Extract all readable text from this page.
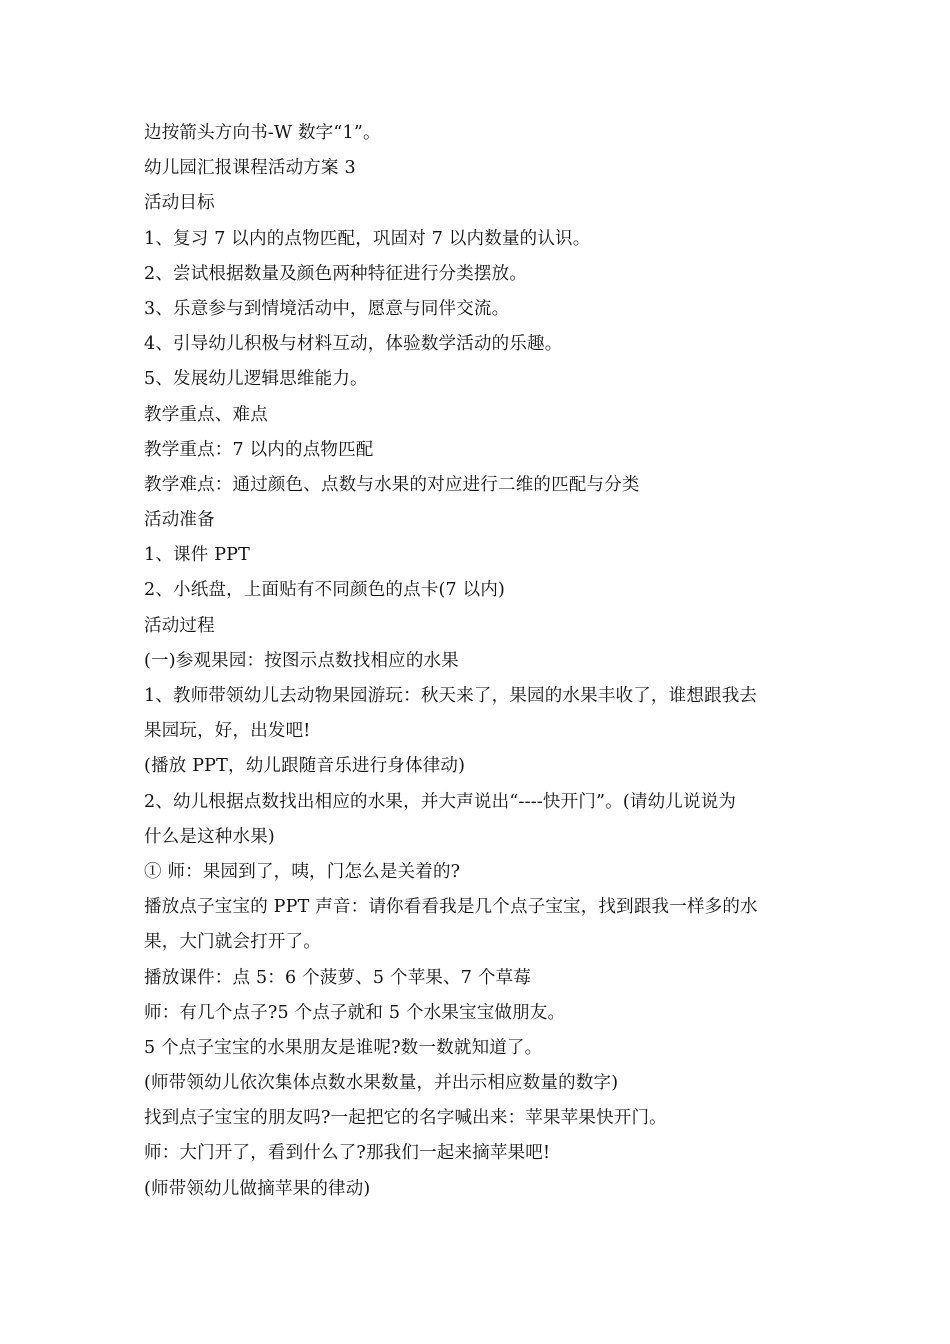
边按箭头方向书-W 数字“1”。
幼儿园汇报课程活动方案 3
活动目标
1、复习 7 以内的点物匹配，巩固对 7 以内数量的认识。
2、尝试根据数量及颜色两种特征进行分类摆放。
3、乐意参与到情境活动中，愿意与同伴交流。
4、引导幼儿积极与材料互动，体验数学活动的乐趣。
5、发展幼儿逻辑思维能力。
教学重点、难点
教学重点：7 以内的点物匹配
教学难点：通过颜色、点数与水果的对应进行二维的匹配与分类
活动准备
1、课件 PPT
2、小纸盘，上面贴有不同颜色的点卡(7 以内)
活动过程
(一)参观果园：按图示点数找相应的水果
1、教师带领幼儿去动物果园游玩：秋天来了，果园的水果丰收了，谁想跟我去
果园玩，好，出发吧!
(播放 PPT，幼儿跟随音乐进行身体律动)
2、幼儿根据点数找出相应的水果，并大声说出“----快开门”。(请幼儿说说为
什么是这种水果)
① 师：果园到了，咦，门怎么是关着的?
播放点子宝宝的 PPT 声音：请你看看我是几个点子宝宝，找到跟我一样多的水
果，大门就会打开了。
播放课件：点 5：6 个菠萝、5 个苹果、7 个草莓
师：有几个点子?5 个点子就和 5 个水果宝宝做朋友。
5 个点子宝宝的水果朋友是谁呢?数一数就知道了。
(师带领幼儿依次集体点数水果数量，并出示相应数量的数字)
找到点子宝宝的朋友吗?一起把它的名字喊出来：苹果苹果快开门。
师：大门开了，看到什么了?那我们一起来摘苹果吧!
(师带领幼儿做摘苹果的律动)
